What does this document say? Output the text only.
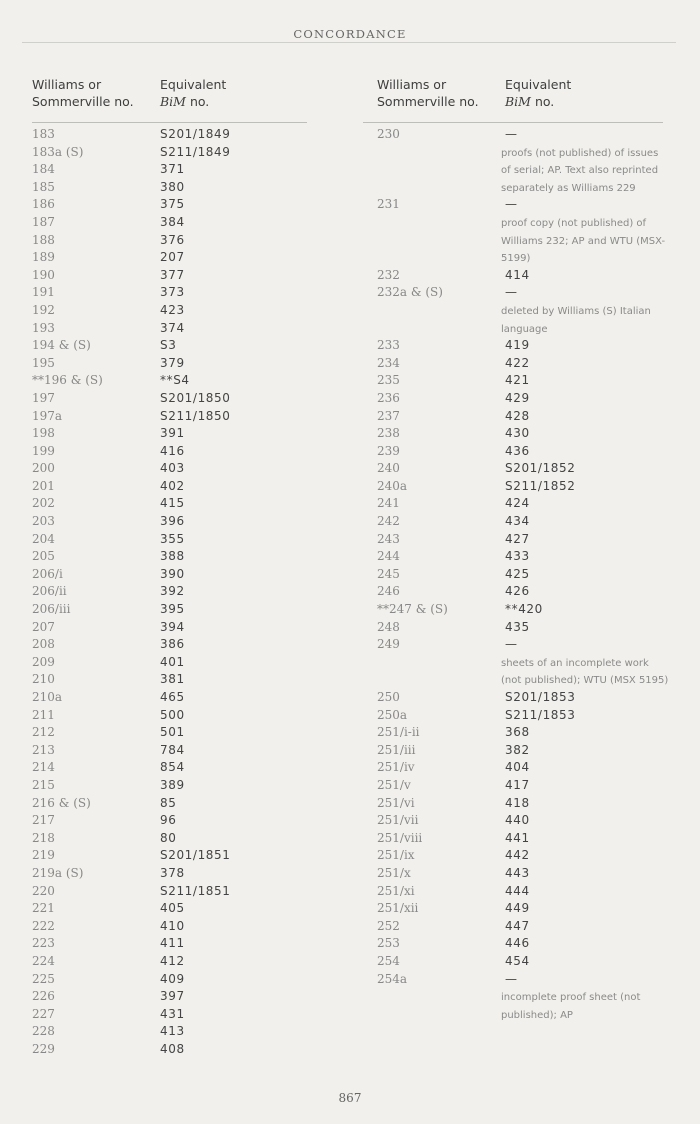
CONCORDANCE
Williams or
Sommerville no.
Equivalent
BiM no.
183	S201/1849
183a (S)	S211/1849
184	371
185	380
186	375
187	384
188	376
189	207
190	377
191	373
192	423
193	374
194 & (S)	S3
195	379
**196 & (S)	**S4
197	S201/1850
197a	S211/1850
198	391
199	416
200	403
201	402
202	415
203	396
204	355
205	388
206/i	390
206/ii	392
206/iii	395
207	394
208	386
209	401
210	381
210a	465
211	500
212	501
213	784
214	854
215	389
216 & (S)	85
217	96
218	80
219	S201/1851
219a (S)	378
220	S211/1851
221	405
222	410
223	411
224	412
225	409
226	397
227	431
228	413
229	408
Williams or
Sommerville no.
Equivalent
BiM no.
230	—
proofs (not published) of issues of serial; AP. Text also reprinted separately as Williams 229
231	—
proof copy (not published) of Williams 232; AP and WTU (MSX-5199)
232	414
232a & (S)	—
deleted by Williams (S) Italian language
233	419
234	422
235	421
236	429
237	428
238	430
239	436
240	S201/1852
240a	S211/1852
241	424
242	434
243	427
244	433
245	425
246	426
**247 & (S)	**420
248	435
249	—
sheets of an incomplete work (not published); WTU (MSX 5195)
250	S201/1853
250a	S211/1853
251/i-ii	368
251/iii	382
251/iv	404
251/v	417
251/vi	418
251/vii	440
251/viii	441
251/ix	442
251/x	443
251/xi	444
251/xii	449
252	447
253	446
254	454
254a	—
incomplete proof sheet (not published); AP
867
